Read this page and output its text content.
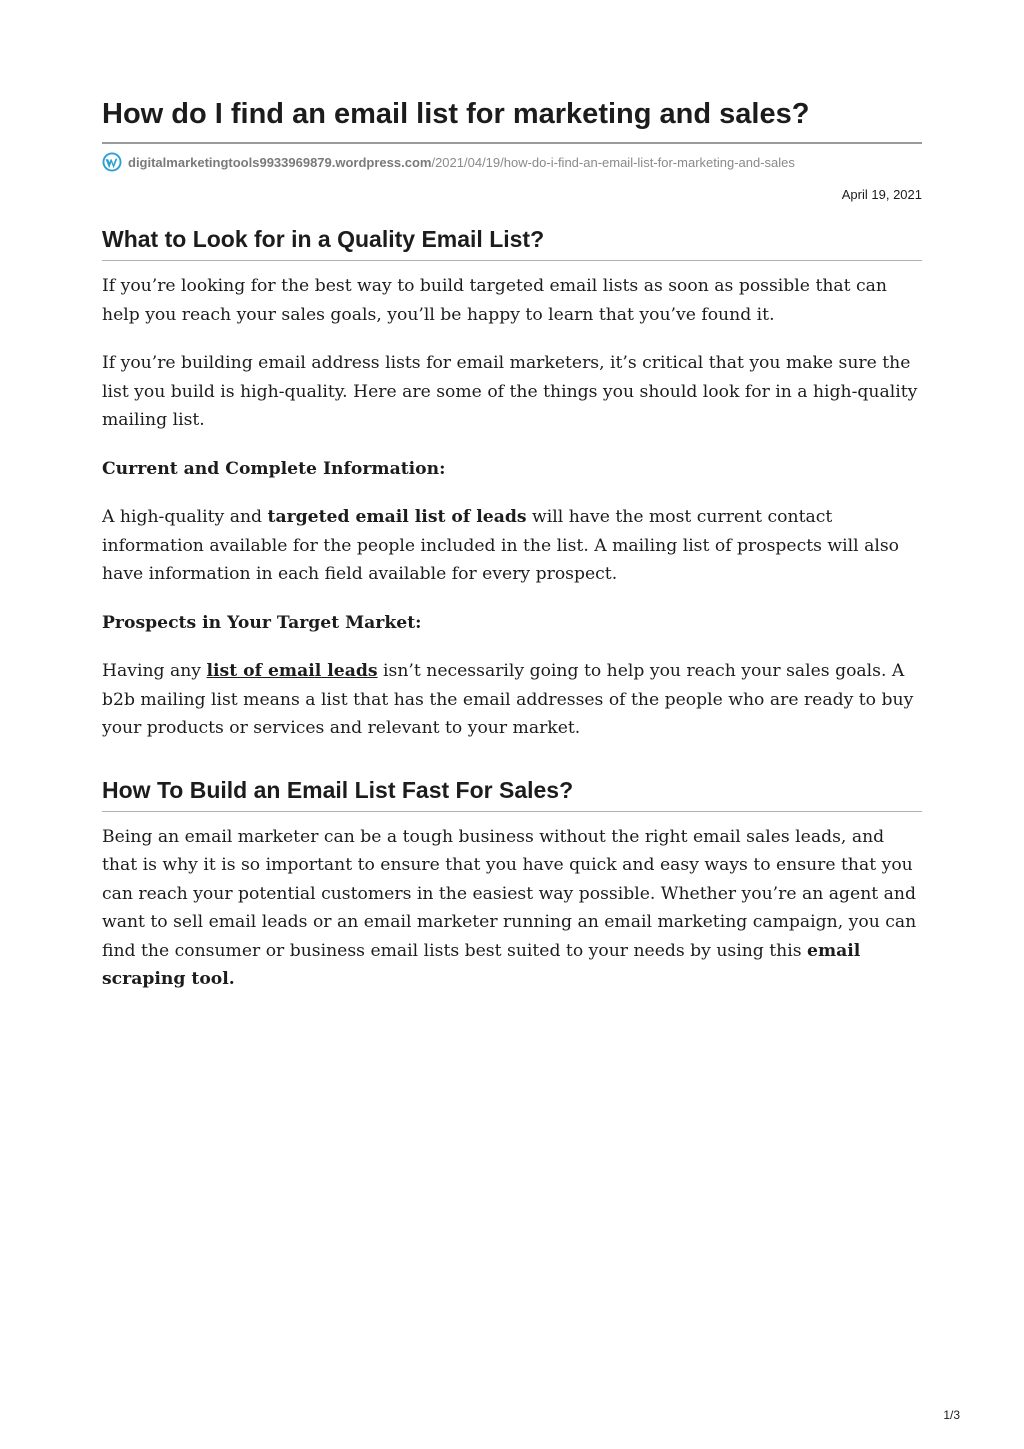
How do I find an email list for marketing and sales?
digitalmarketingtools9933969879.wordpress.com /2021/04/19/how-do-i-find-an-email-list-for-marketing-and-sales
April 19, 2021
What to Look for in a Quality Email List?

If you’re looking for the best way to build targeted email lists as soon as possible that can help you reach your sales goals, you’ll be happy to learn that you’ve found it.

If you’re building email address lists for email marketers, it’s critical that you make sure the list you build is high-quality. Here are some of the things you should look for in a high-quality mailing list.

Current and Complete Information:

A high-quality and targeted email list of leads will have the most current contact information available for the people included in the list. A mailing list of prospects will also have information in each field available for every prospect.

Prospects in Your Target Market:

Having any list of email leads isn’t necessarily going to help you reach your sales goals. A b2b mailing list means a list that has the email addresses of the people who are ready to buy your products or services and relevant to your market.

How To Build an Email List Fast For Sales?

Being an email marketer can be a tough business without the right email sales leads, and that is why it is so important to ensure that you have quick and easy ways to ensure that you can reach your potential customers in the easiest way possible. Whether you’re an agent and want to sell email leads or an email marketer running an email marketing campaign, you can find the consumer or business email lists best suited to your needs by using this email scraping tool.

1/3
